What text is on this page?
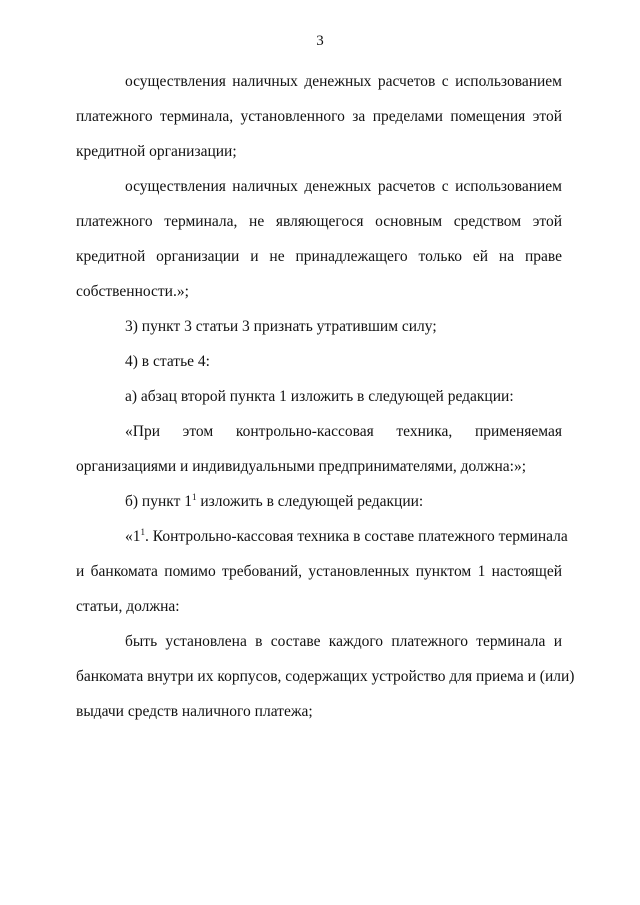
3
осуществления наличных денежных расчетов с использованием
платежного терминала, установленного за пределами помещения этой
кредитной организации;
осуществления наличных денежных расчетов с использованием
платежного терминала, не являющегося основным средством этой
кредитной организации и не принадлежащего только ей на праве
собственности.»;
3) пункт 3 статьи 3 признать утратившим силу;
4) в статье 4:
а) абзац второй пункта 1 изложить в следующей редакции:
«При этом контрольно-кассовая техника, применяемая
организациями и индивидуальными предпринимателями, должна:»;
б) пункт $1^1$ изложить в следующей редакции:
«$1^1$. Контрольно-кассовая техника в составе платежного терминала
и банкомата помимо требований, установленных пунктом 1 настоящей
статьи, должна:
быть установлена в составе каждого платежного терминала и
банкомата внутри их корпусов, содержащих устройство для приема и (или)
выдачи средств наличного платежа;
